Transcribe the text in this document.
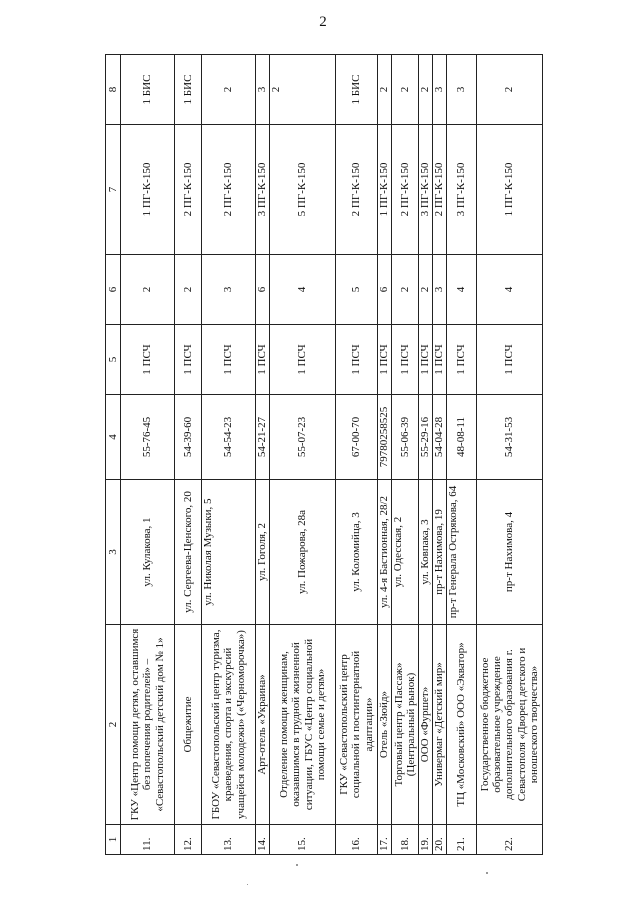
2
1	2	3	4	5	6	7	8
11.	ГКУ «Центр помощи детям, оставшимся без попечения родителей» – «Севастопольский детский дом № 1»	ул. Кулакова, 1	55-76-45	1 ПСЧ	2	1 ПГ-К-150	1 БИС
12.	Общежитие	ул. Сергеева-Ценского, 20	54-39-60	1 ПСЧ	2	2 ПГ-К-150	1 БИС
13.	ГБОУ «Севастопольский центр туризма, краеведения, спорта и экскурсий учащейся молодежи» («Черноморочка»)	ул. Николая Музыки, 5	54-54-23	1 ПСЧ	3	2 ПГ-К-150	2
14.	Арт-отель «Украина»	ул. Гоголя, 2	54-21-27	1 ПСЧ	6	3 ПГ-К-150	3
15.	Отделение помощи женщинам, оказавшимся в трудной жизненной ситуации, ГБУС «Центр социальной помощи семье и детям»	ул. Пожарова, 28а	55-07-23	1 ПСЧ	4	5 ПГ-К-150	2
16.	ГКУ «Севастопольский центр социальной и постинтернатной адаптации»	ул. Коломийца, 3	67-00-70	1 ПСЧ	5	2 ПГ-К-150	1 БИС
17.	Отель «Зюйд»	ул. 4-я Бастионная, 28/2	79780258525	1 ПСЧ	6	1 ПГ-К-150	2
18.	Торговый центр «Пассаж» (Центральный рынок)	ул. Одесская, 2	55-06-39	1 ПСЧ	2	2 ПГ-К-150	2
19.	ООО «Фуршет»	ул. Ковпака, 3	55-29-16	1 ПСЧ	2	3 ПГ-К-150	2
20.	Универмаг «Детский мир»	пр-т Нахимова, 19	54-04-28	1 ПСЧ	3	2 ПГ-К-150	3
21.	ТЦ «Московский» ООО «Экватор»	пр-т Генерала Острякова, 64	48-08-11	1 ПСЧ	4	3 ПГ-К-150	3
22.	Государственное бюджетное образовательное учреждение дополнительного образования г. Севастополя «Дворец детского и юношеского творчества»	пр-т Нахимова, 4	54-31-53	1 ПСЧ	4	1 ПГ-К-150	2
